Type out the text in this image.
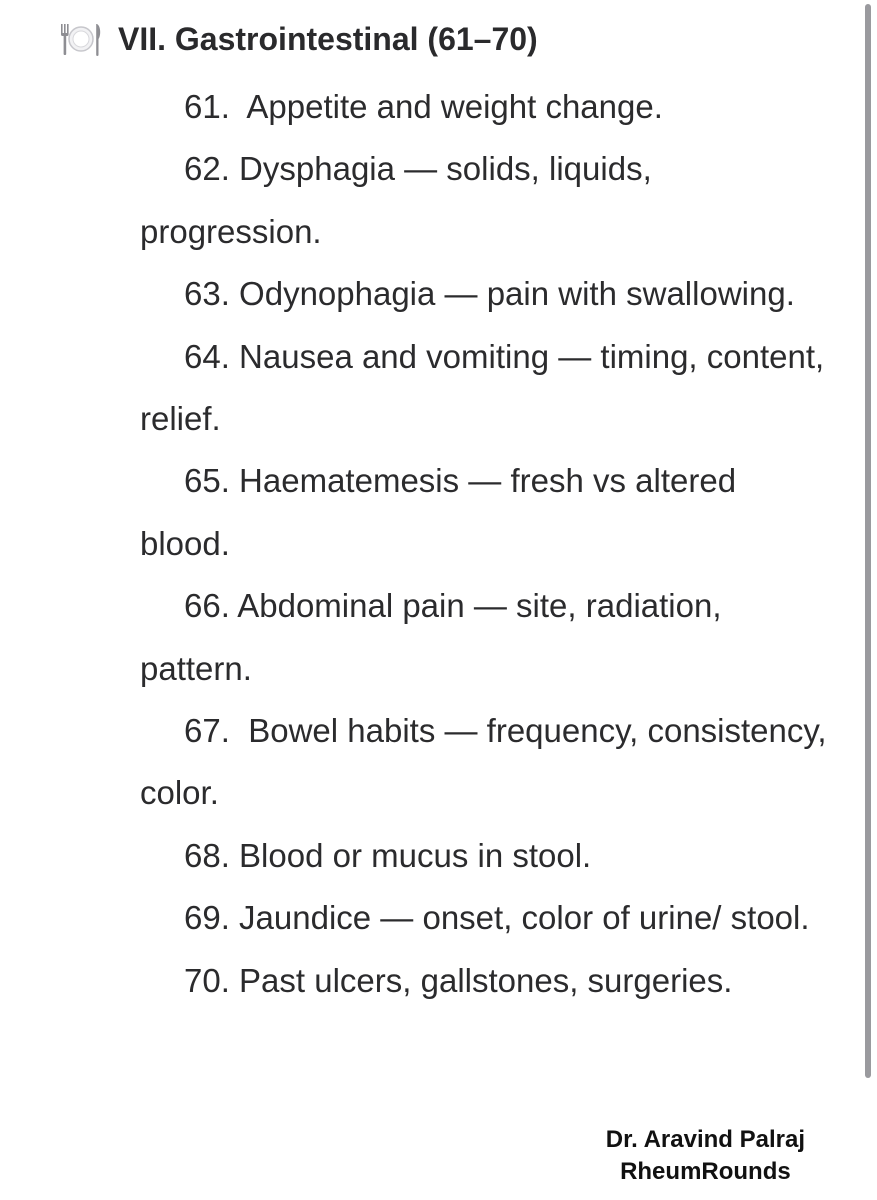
VII. Gastrointestinal (61–70)
61. Appetite and weight change.
62. Dysphagia — solids, liquids, progression.
63. Odynophagia — pain with swallowing.
64. Nausea and vomiting — timing, content, relief.
65. Haematemesis — fresh vs altered blood.
66. Abdominal pain — site, radiation, pattern.
67. Bowel habits — frequency, consistency, color.
68. Blood or mucus in stool.
69. Jaundice — onset, color of urine/ stool.
70. Past ulcers, gallstones, surgeries.
Dr. Aravind Palraj
RheumRounds
